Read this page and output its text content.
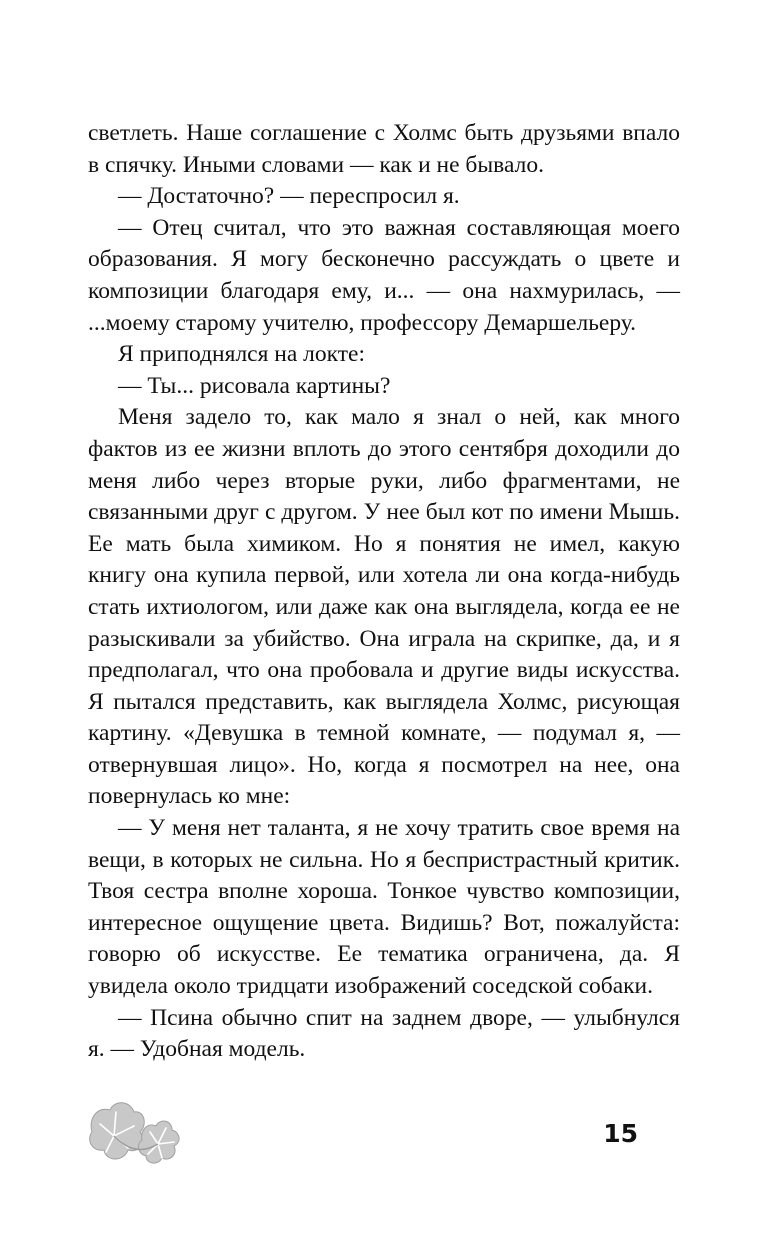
светлеть. Наше соглашение с Холмс быть друзьями впало в спячку. Иными словами — как и не бывало.

— Достаточно? — переспросил я.

— Отец считал, что это важная составляющая моего образования. Я могу бесконечно рассуждать о цвете и композиции благодаря ему, и... — она нахмурилась, — ...моему старому учителю, профессору Демаршельеру.

Я приподнялся на локте:

— Ты... рисовала картины?

Меня задело то, как мало я знал о ней, как много фактов из ее жизни вплоть до этого сентября доходили до меня либо через вторые руки, либо фрагментами, не связанными друг с другом. У нее был кот по имени Мышь. Ее мать была химиком. Но я понятия не имел, какую книгу она купила первой, или хотела ли она когда-нибудь стать ихтиологом, или даже как она выглядела, когда ее не разыскивали за убийство. Она играла на скрипке, да, и я предполагал, что она пробовала и другие виды искусства. Я пытался представить, как выглядела Холмс, рисующая картину. «Девушка в темной комнате, — подумал я, — отвернувшая лицо». Но, когда я посмотрел на нее, она повернулась ко мне:

— У меня нет таланта, я не хочу тратить свое время на вещи, в которых не сильна. Но я беспристрастный критик. Твоя сестра вполне хороша. Тонкое чувство композиции, интересное ощущение цвета. Видишь? Вот, пожалуйста: говорю об искусстве. Ее тематика ограничена, да. Я увидела около тридцати изображений соседской собаки.

— Псина обычно спит на заднем дворе, — улыбнулся я. — Удобная модель.

15
